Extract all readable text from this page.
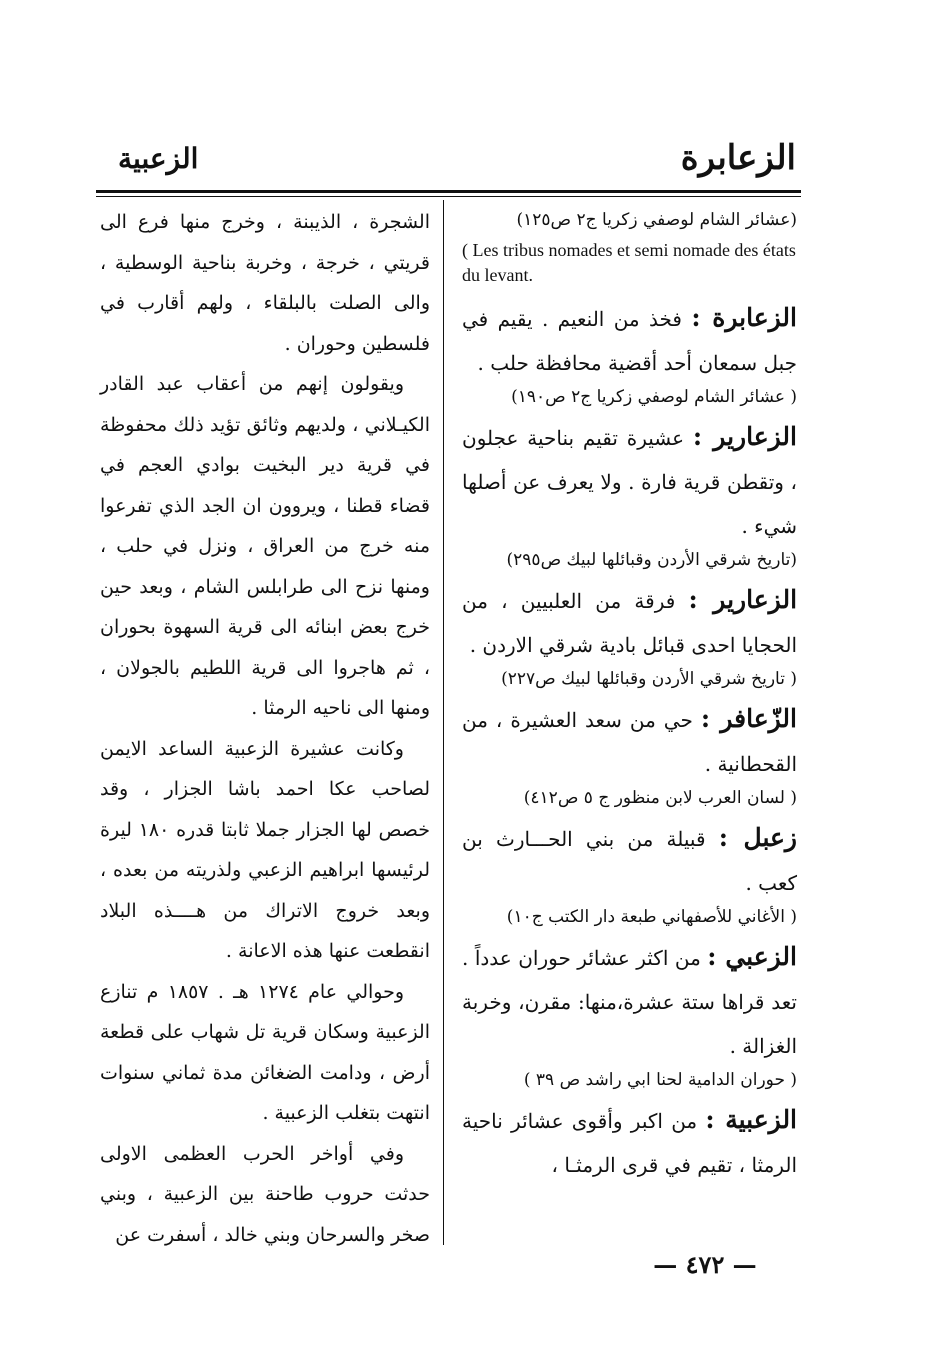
الزعابرة
الزعبية

(عشائر الشام لوصفي زكريا ج٢ ص١٢٥)

( Les tribus nomades et semi nomade des états du levant.

الزعابرة : فخذ من النعيم . يقيم في جبل سمعان أحد أقضية محافظة حلب .

( عشائر الشام لوصفي زكريا ج٢ ص١٩٠)

الزعارير : عشيرة تقيم بناحية عجلون ، وتقطن قرية فارة . ولا يعرف عن أصلها شيء .

(تاريخ شرقي الأردن وقبائلها لبيك ص٢٩٥)

الزعارير : فرقة من العلبيين ، من الحجايا احدى قبائل بادية شرقي الاردن .

( تاريخ شرقي الأردن وقبائلها لبيك ص٢٢٧)

الزّعافر : حي من سعد العشيرة ، من القحطانية .

( لسان العرب لابن منظور ج ٥ ص٤١٢)

زعبل : قبيلة من بني الحـــارث بن كعب .

( الأغاني للأصفهاني طبعة دار الكتب ج١٠)

الزعبي : من اكثر عشائر حوران عدداً . تعد قراها ستة عشرة،منها: مقرن، وخربة الغزالة .

( حوران الدامية لحنا ابي راشد ص ٣٩ )

الزعبية : من اكبر وأقوى عشائر ناحية الرمثا ، تقيم في قرى الرمثـا ،

الشجرة ، الذيبنة ، وخرج منها فرع الى قريتي ، خرجة ، وخربة بناحية الوسطية ، والى الصلت بالبلقاء ، ولهم أقارب في فلسطين وحوران .

ويقولون إنهم من أعقاب عبد القادر الكيـلاني ، ولديهم وثائق تؤيد ذلك محفوظة في قرية دير البخيت بوادي العجم في قضاء قطنا ، ويروون ان الجد الذي تفرعوا منه خرج من العراق ، ونزل في حلب ، ومنها نزح الى طرابلس الشام ، وبعد حين خرج بعض ابنائه الى قرية السهوة بحوران ، ثم هاجروا الى قرية اللطيم بالجولان ، ومنها الى ناحيه الرمثا .

وكانت عشيرة الزعبية الساعد الايمن لصاحب عكا احمد باشا الجزار ، وقد خصص لها الجزار جملا ثابتا قدره ١٨٠ ليرة لرئيسها ابراهيم الزعبي ولذريته من بعده ، وبعد خروج الاتراك من هــــذه البلاد انقطعت عنها هذه الاعانة .

وحوالي عام ١٢٧٤ هـ . ١٨٥٧ م تنازع الزعبية وسكان قرية تل شهاب على قطعة أرض ، ودامت الضغائن مدة ثماني سنوات انتهت بتغلب الزعبية .

وفي أواخر الحرب العظمى الاولى حدثت حروب طاحنة بين الزعبية ، وبني صخر والسرحان وبني خالد ، أسفرت عن

— ٤٧٢ —
